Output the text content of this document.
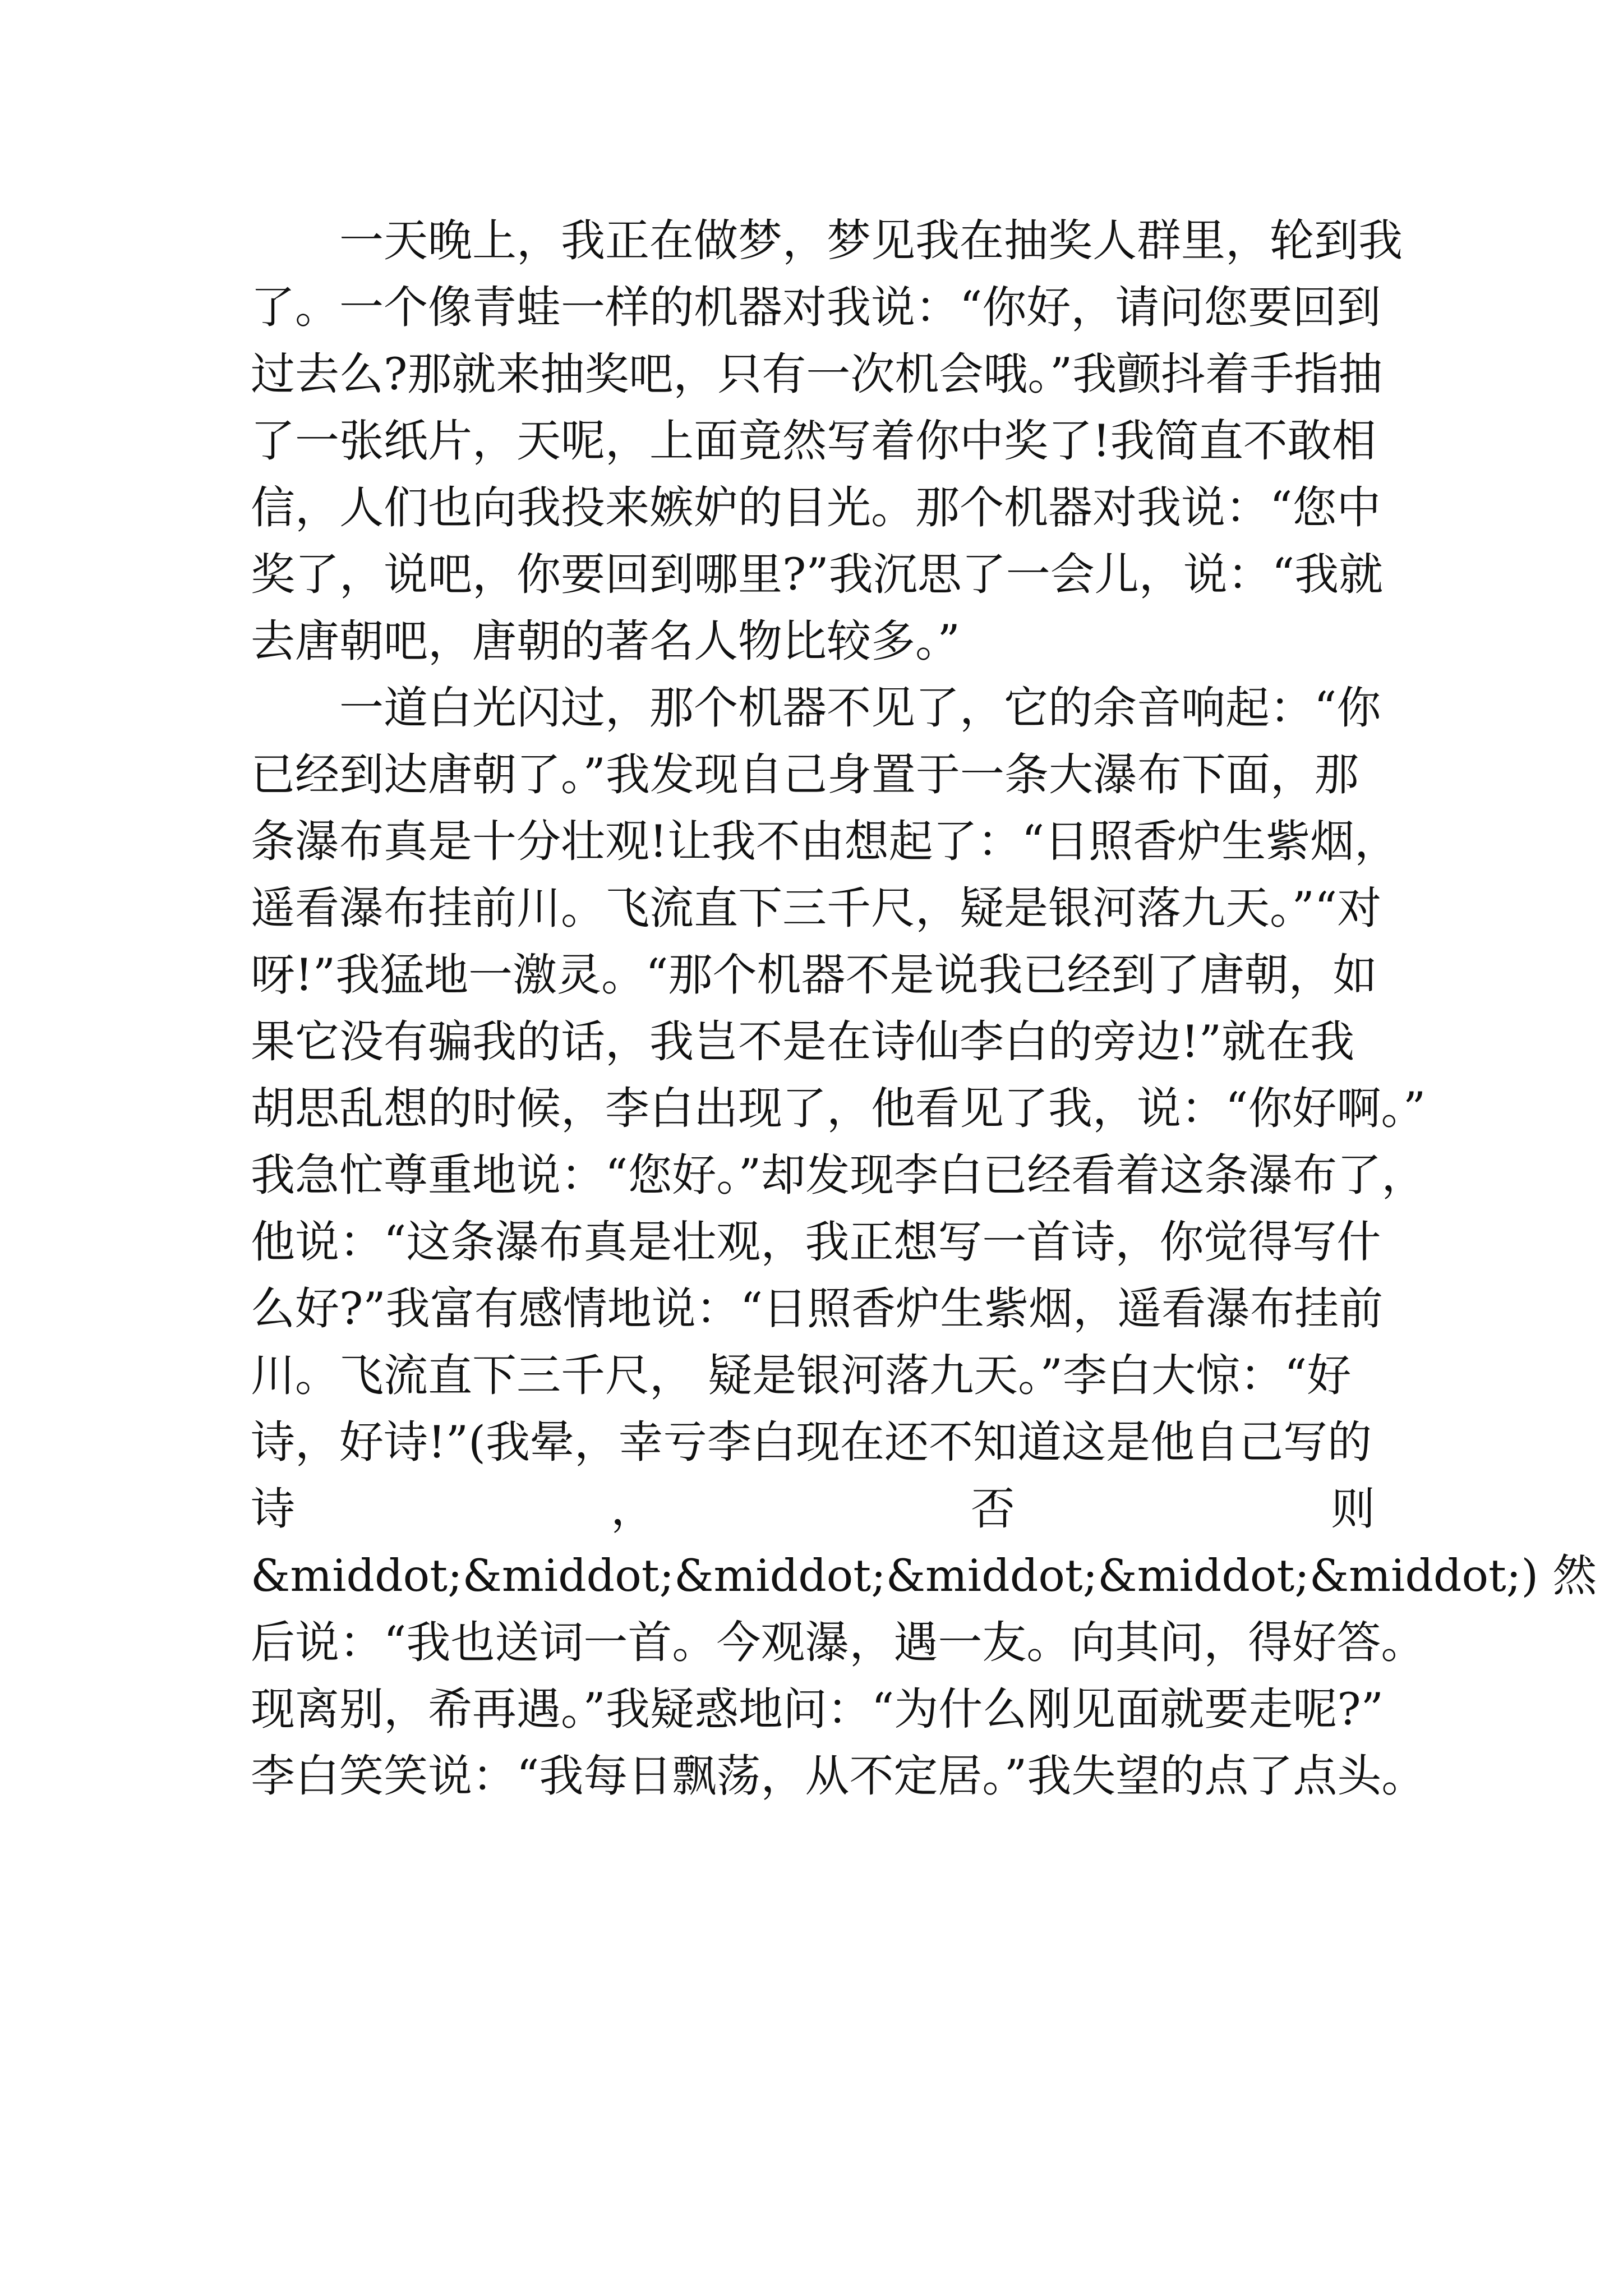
一天晚上，我正在做梦，梦见我在抽奖人群里，轮到我
了。一个像青蛙一样的机器对我说：“你好，请问您要回到
过去么?那就来抽奖吧，只有一次机会哦。”我颤抖着手指抽
了一张纸片，天呢，上面竟然写着你中奖了!我简直不敢相
信，人们也向我投来嫉妒的目光。那个机器对我说：“您中
奖了，说吧，你要回到哪里?”我沉思了一会儿，说：“我就
去唐朝吧，唐朝的著名人物比较多。”
一道白光闪过，那个机器不见了，它的余音响起：“你
已经到达唐朝了。”我发现自己身置于一条大瀑布下面，那
条瀑布真是十分壮观!让我不由想起了：“日照香炉生紫烟，
遥看瀑布挂前川。飞流直下三千尺，疑是银河落九天。”“对
呀!”我猛地一激灵。“那个机器不是说我已经到了唐朝，如
果它没有骗我的话，我岂不是在诗仙李白的旁边!”就在我
胡思乱想的时候，李白出现了，他看见了我，说：“你好啊。”
我急忙尊重地说：“您好。”却发现李白已经看着这条瀑布了，
他说：“这条瀑布真是壮观，我正想写一首诗，你觉得写什
么好?”我富有感情地说：“日照香炉生紫烟，遥看瀑布挂前
川。飞流直下三千尺， 疑是银河落九天。”李白大惊：“好
诗，好诗!”(我晕，幸亏李白现在还不知道这是他自己写的
诗	，	否	则
&middot;&middot;&middot;&middot;&middot;&middot;) 然
后说：“我也送词一首。今观瀑，遇一友。向其问，得好答。
现离别，希再遇。”我疑惑地问：“为什么刚见面就要走呢?”
李白笑笑说：“我每日飘荡，从不定居。”我失望的点了点头。
